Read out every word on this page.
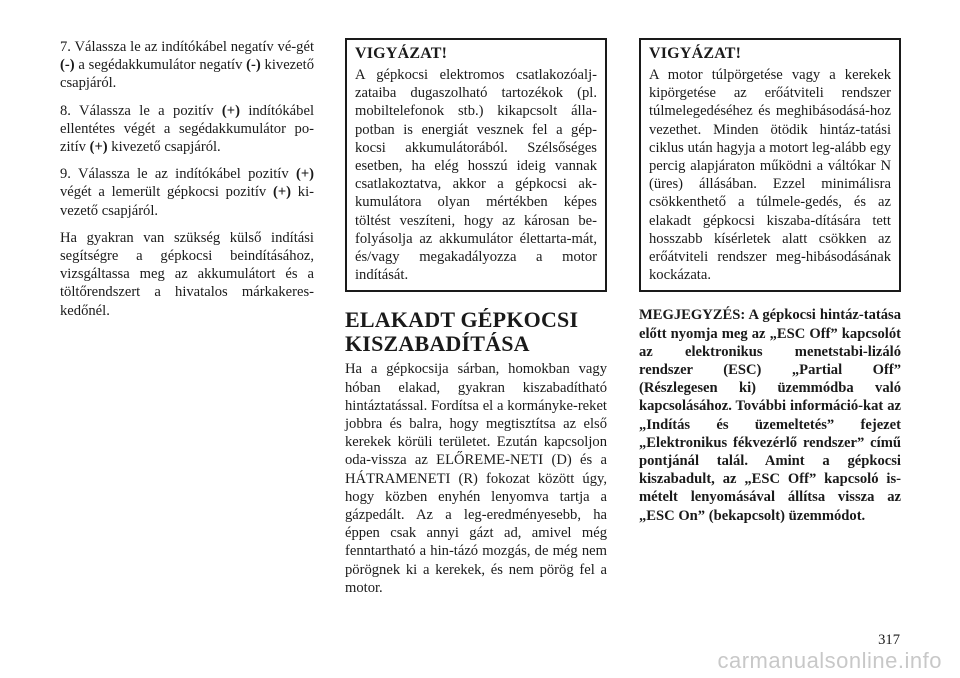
7. Válassza le az indítókábel negatív vé-gét (-) a segédakkumulátor negatív (-) kivezető csapjáról.

8. Válassza le a pozitív (+) indítókábel ellentétes végét a segédakkumulátor po-zitív (+) kivezető csapjáról.

9. Válassza le az indítókábel pozitív (+) végét a lemerült gépkocsi pozitív (+) ki-vezető csapjáról.

Ha gyakran van szükség külső indítási segítségre a gépkocsi beindításához, vizsgáltassa meg az akkumulátort és a töltőrendszert a hivatalos márkakeres-kedőnél.

VIGYÁZAT!

A gépkocsi elektromos csatlakozóalj-zataiba dugaszolható tartozékok (pl. mobiltelefonok stb.) kikapcsolt álla-potban is energiát vesznek fel a gép-kocsi akkumulátorából. Szélsőséges esetben, ha elég hosszú ideig vannak csatlakoztatva, akkor a gépkocsi ak-kumulátora olyan mértékben képes töltést veszíteni, hogy az károsan be-folyásolja az akkumulátor élettarta-mát, és/vagy megakadályozza a motor indítását.

ELAKADT GÉPKOCSI
KISZABADÍTÁSA

Ha a gépkocsija sárban, homokban vagy hóban elakad, gyakran kiszabadítható hintáztatással. Fordítsa el a kormányke-reket jobbra és balra, hogy megtisztítsa az első kerekek körüli területet. Ezután kapcsoljon oda-vissza az ELŐREME-NETI (D) és a HÁTRAMENETI (R) fokozat között úgy, hogy közben enyhén lenyomva tartja a gázpedált. Az a leg-eredményesebb, ha éppen csak annyi gázt ad, amivel még fenntartható a hin-tázó mozgás, de még nem pörögnek ki a kerekek, és nem pörög fel a motor.

VIGYÁZAT!

A motor túlpörgetése vagy a kerekek kipörgetése az erőátviteli rendszer túlmelegedéséhez és meghibásodásá-hoz vezethet. Minden ötödik hintáz-tatási ciklus után hagyja a motort leg-alább egy percig alapjáraton működni a váltókar N (üres) állásában. Ezzel minimálisra csökkenthető a túlmele-gedés, és az elakadt gépkocsi kiszaba-dítására tett hosszabb kísérletek alatt csökken az erőátviteli rendszer meg-hibásodásának kockázata.

MEGJEGYZÉS: A gépkocsi hintáz-tatása előtt nyomja meg az „ESC Off” kapcsolót az elektronikus menetstabi-lizáló rendszer (ESC) „Partial Off” (Részlegesen ki) üzemmódba való kapcsolásához. További információ-kat az „Indítás és üzemeltetés” fejezet „Elektronikus fékvezérlő rendszer” című pontjánál talál. Amint a gépkocsi kiszabadult, az „ESC Off” kapcsoló is-mételt lenyomásával állítsa vissza az „ESC On” (bekapcsolt) üzemmódot.

317
carmanualsonline.info
